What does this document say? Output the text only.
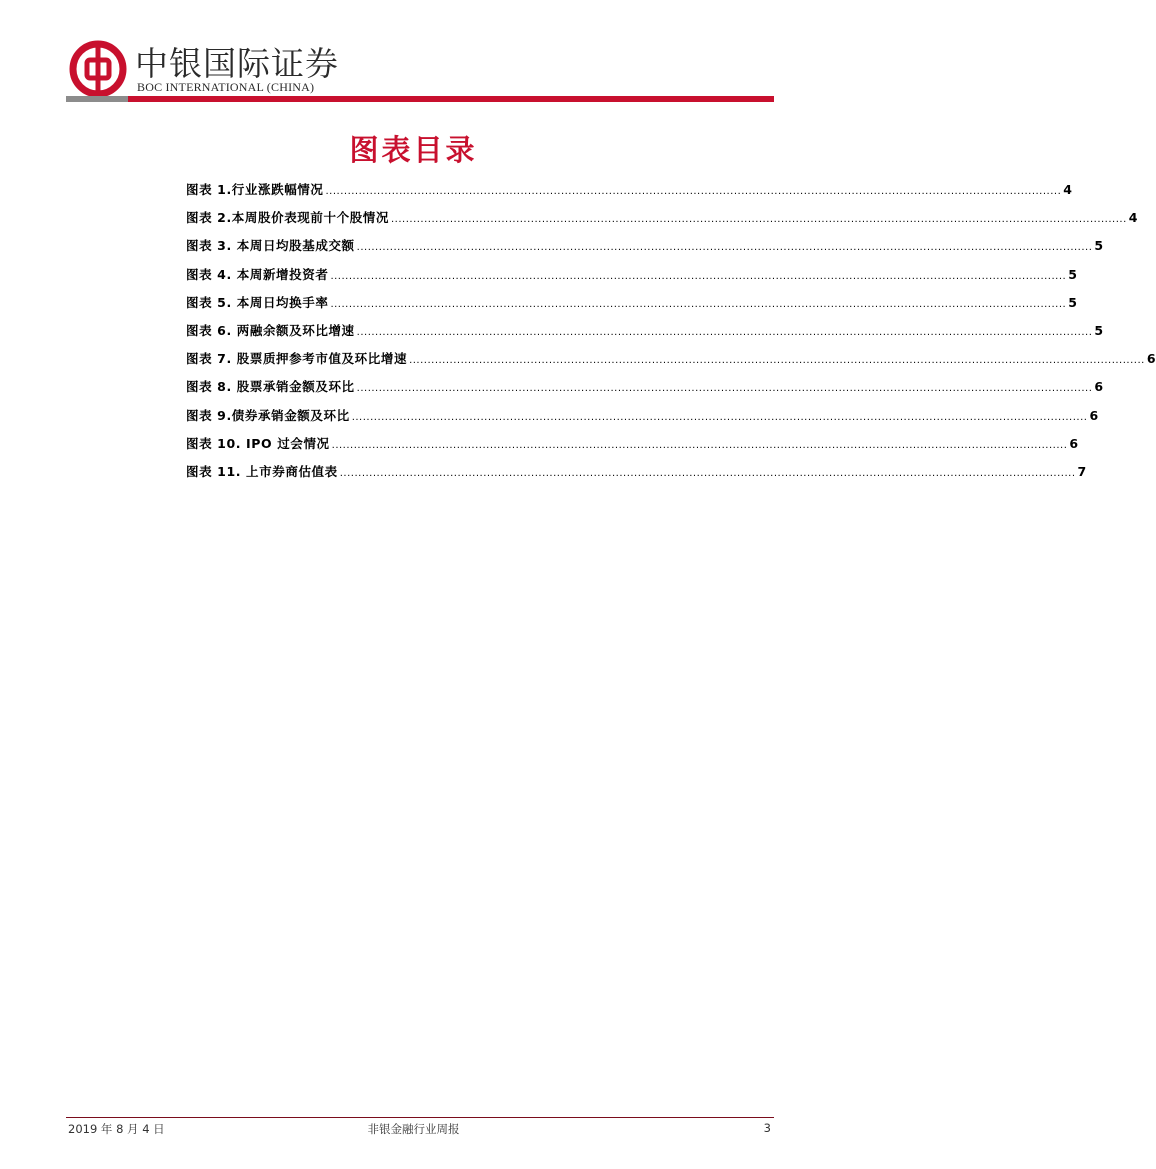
中银国际证券
BOC INTERNATIONAL (CHINA)
图表目录
图表 1.行业涨跌幅情况 ........................................................................................................................................................................................................ 4
图表 2.本周股价表现前十个股情况 ........................................................................................................................................................................................................ 4
图表 3. 本周日均股基成交额 ........................................................................................................................................................................................................ 5
图表 4. 本周新增投资者 ........................................................................................................................................................................................................ 5
图表 5. 本周日均换手率 ........................................................................................................................................................................................................ 5
图表 6. 两融余额及环比增速 ........................................................................................................................................................................................................ 5
图表 7. 股票质押参考市值及环比增速 ........................................................................................................................................................................................................ 6
图表 8. 股票承销金额及环比 ........................................................................................................................................................................................................ 6
图表 9.债券承销金额及环比 ........................................................................................................................................................................................................ 6
图表 10. IPO 过会情况 ........................................................................................................................................................................................................ 6
图表 11. 上市券商估值表 ........................................................................................................................................................................................................ 7
2019 年 8 月 4 日	非银金融行业周报	3
